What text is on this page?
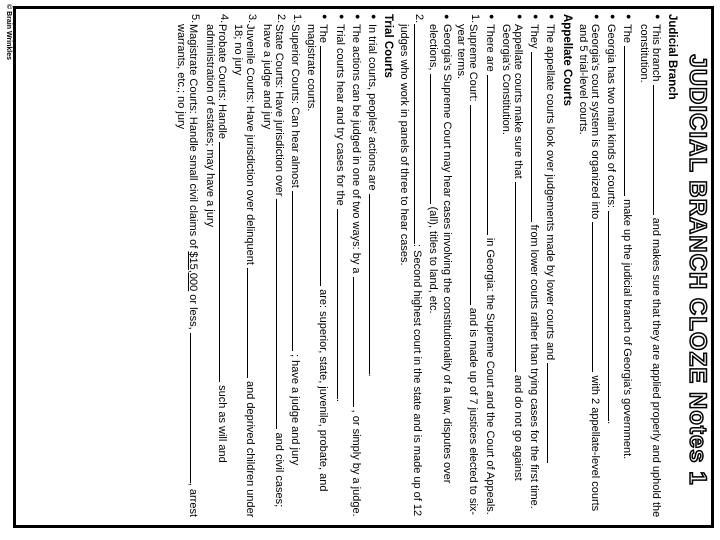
JUDICIAL BRANCH CLOZE Notes 1
Judicial Branch
●
This branch  and makes sure that they are applied properly and uphold the constitution.
●
The  make up the judicial branch of Georgia's government.
●
Georgia has two main kinds of courts: .
●
Georgia's court system is organized into  with 2 appellate-level courts and 5 trial-level courts.
Appellate Courts
●
The appellate courts look over judgements made by lower courts and
●
They  from lower courts rather than trying cases for the first time.
●
Appellate courts make sure that  and do not go against Georgia's Constitution.
●
There are  in Georgia: the Supreme Court and the Court of Appeals.
1.
Supreme Court:  and is made up of 7 justices elected to six-year terms.
●
Georgia's Supreme Court may hear cases involving the constitutionality of a law, disputes over elections,  (all), titles to land, etc.
2.
: Second highest court in the state and is made up of 12 judges who work in panels of three to hear cases.
Trial Courts
●
In trial courts, peoples' actions are .
●
The actions can be judged in one of two ways: by a  , or simply by a judge.
●
Trial courts hear and try cases for the .
●
The  are: superior, state, juvenile, probate, and magistrate courts.
1.
Superior Courts: Can hear almost  ; have a judge and jury
2.
State Courts: Have jurisdiction over  and civil cases; have a judge and jury
3.
Juvenile Courts: Have jurisdiction over delinquent  and deprived children under 18; no jury
4.
Probate Courts: Handle  such as will and administration of estates; may have a jury
5.
Magistrate Courts: Handle small civil claims of $15,000 or less, , arrest warrants, etc.; no jury
© Brain Wrinkles
